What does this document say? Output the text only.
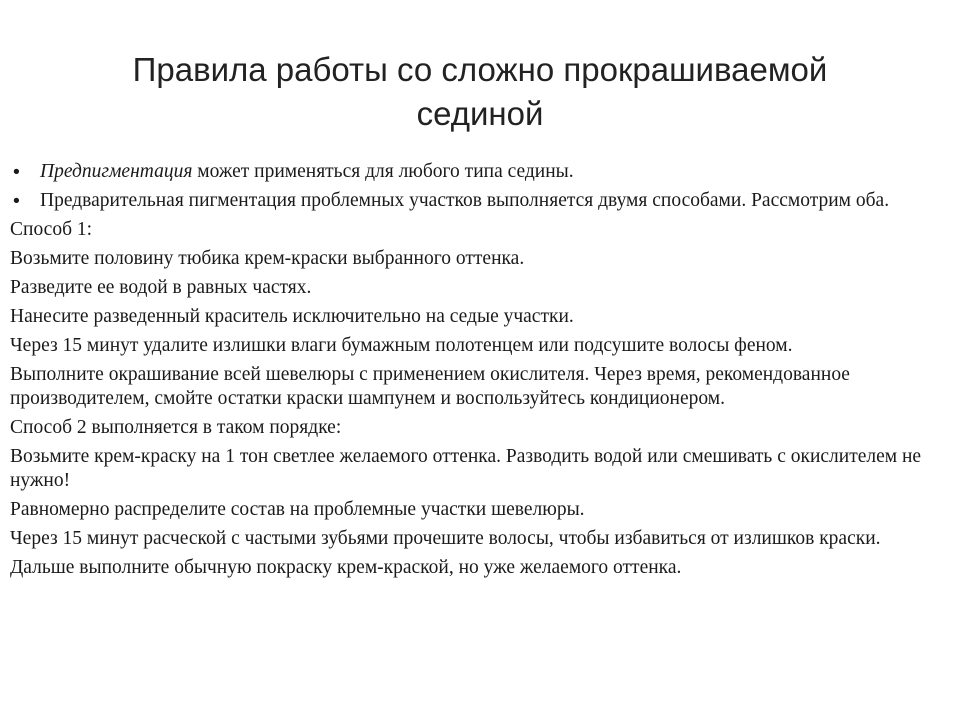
Правила работы со сложно прокрашиваемой
сединой
• Предпигментация может применяться для любого типа седины.
• Предварительная пигментация проблемных участков выполняется двумя способами. Рассмотрим оба.

Способ 1:

Возьмите половину тюбика крем-краски выбранного оттенка.

Разведите ее водой в равных частях.

Нанесите разведенный краситель исключительно на седые участки.

Через 15 минут удалите излишки влаги бумажным полотенцем или подсушите волосы феном.

Выполните окрашивание всей шевелюры с применением окислителя. Через время, рекомендованное производителем, смойте остатки краски шампунем и воспользуйтесь кондиционером.

Способ 2 выполняется в таком порядке:

Возьмите крем-краску на 1 тон светлее желаемого оттенка. Разводить водой или смешивать с окислителем не нужно!

Равномерно распределите состав на проблемные участки шевелюры.

Через 15 минут расческой с частыми зубьями прочешите волосы, чтобы избавиться от излишков краски.

Дальше выполните обычную покраску крем-краской, но уже желаемого оттенка.
